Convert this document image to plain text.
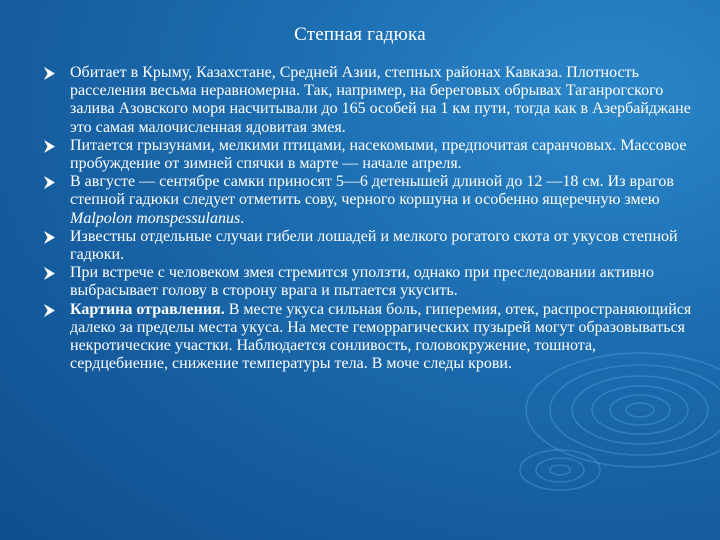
Степная гадюка
Обитает в Крыму, Казахстане, Средней Азии, степных районах Кавказа. Плотность расселения весьма неравномерна. Так, например, на береговых обрывах Таганрогского залива Азовского моря насчитывали до 165 особей на 1 км пути, тогда как в Азербайджане это самая малочисленная ядовитая змея.
Питается грызунами, мелкими птицами, насекомыми, предпочитая саранчовых. Массовое пробуждение от зимней спячки в марте — начале апреля.
В августе — сентябре самки приносят 5—6 детенышей длиной до 12 —18 см. Из врагов степной гадюки следует отметить сову, черного коршуна и особенно ящеречную змею Malpolon monspessulanus.
Известны отдельные случаи гибели лошадей и мелкого рогатого скота от укусов степной гадюки.
При встрече с человеком змея стремится уползти, однако при преследовании активно выбрасывает голову в сторону врага и пытается укусить.
Картина отравления. В месте укуса сильная боль, гиперемия, отек, распространяющийся далеко за пределы места укуса. На месте геморрагических пузырей могут образовываться некротические участки. Наблюдается сонливость, головокружение, тошнота, сердцебиение, снижение температуры тела. В моче следы крови.
